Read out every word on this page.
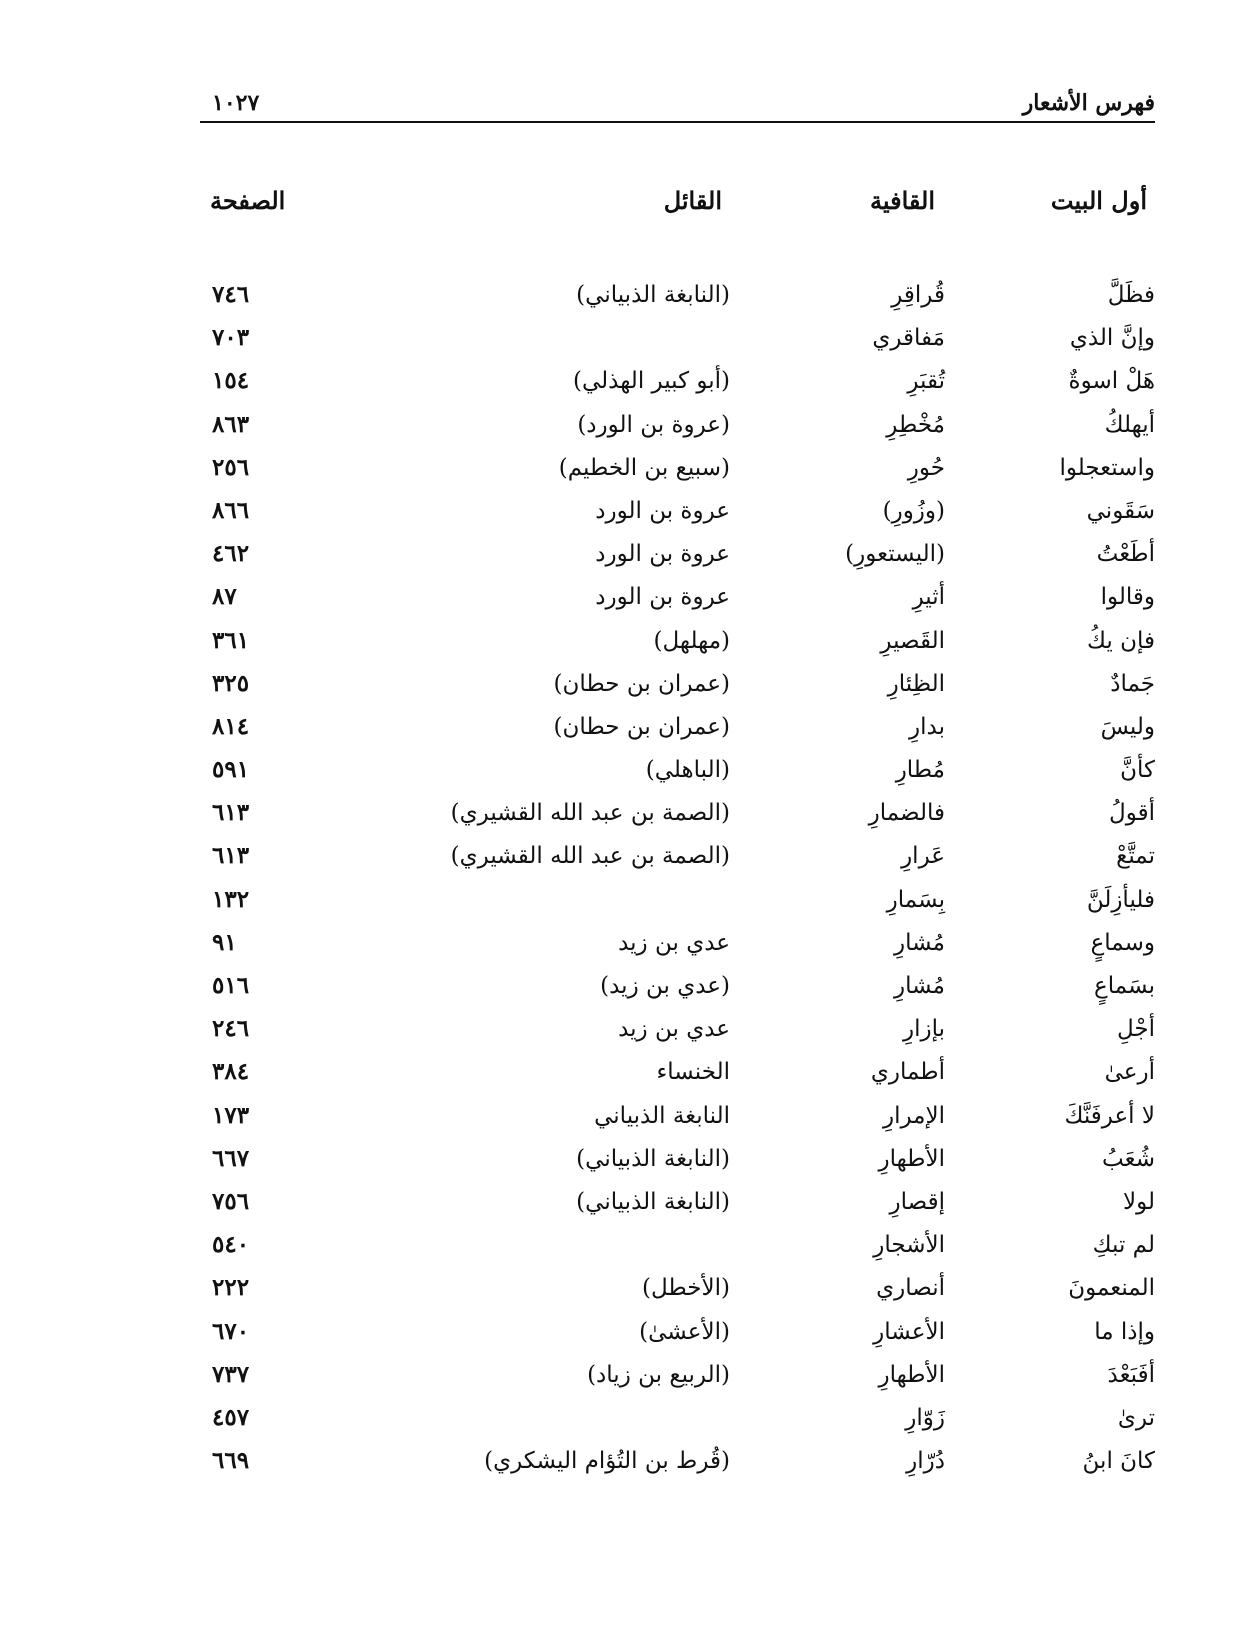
فهرس الأشعار
١٠٢٧
أول البيت
القافية
القائل
الصفحة
فظَلَّ
قُراقِرِ
(النابغة الذبياني)
٧٤٦
وإنَّ الذي
مَفاقري
٧٠٣
هَلْ اسوةٌ
تُقبَرِ
(أبو كبير الهذلي)
١٥٤
أيهلكُ
مُخْطِرِ
(عروة بن الورد)
٨٦٣
واستعجلوا
حُورِ
(سبيع بن الخطيم)
٢٥٦
سَقَوني
(وزُورِ)
عروة بن الورد
٨٦٦
أطَعْتُ
(اليستعورِ)
عروة بن الورد
٤٦٢
وقالوا
أثيرِ
عروة بن الورد
٨٧
فإن يكُ
القَصيرِ
(مهلهل)
٣٦١
جَمادٌ
الظِئارِ
(عمران بن حطان)
٣٢٥
وليسَ
بدارِ
(عمران بن حطان)
٨١٤
كأنَّ
مُطارِ
(الباهلي)
٥٩١
أقولُ
فالضمارِ
(الصمة بن عبد الله القشيري)
٦١٣
تمتَّعْ
عَرارِ
(الصمة بن عبد الله القشيري)
٦١٣
فليأزِلَنَّ
بِسَمارِ
١٣٢
وسماعٍ
مُشارِ
عدي بن زيد
٩١
بسَماعٍ
مُشارِ
(عدي بن زيد)
٥١٦
أجْلِ
بإزارِ
عدي بن زيد
٢٤٦
أرعىٰ
أطماري
الخنساء
٣٨٤
لا أعرفَنَّكَ
الإمرارِ
النابغة الذبياني
١٧٣
شُعَبُ
الأطهارِ
(النابغة الذبياني)
٦٦٧
لولا
إقصارِ
(النابغة الذبياني)
٧٥٦
لم تبكِ
الأشجارِ
٥٤٠
المنعمونَ
أنصاري
(الأخطل)
٢٢٢
وإذا ما
الأعشارِ
(الأعشىٰ)
٦٧٠
أفَبَعْدَ
الأطهارِ
(الربيع بن زياد)
٧٣٧
ترىٰ
زَوّارِ
٤٥٧
كانَ ابنُ
دُرّارِ
(قُرط بن التُؤام اليشكري)
٦٦٩
